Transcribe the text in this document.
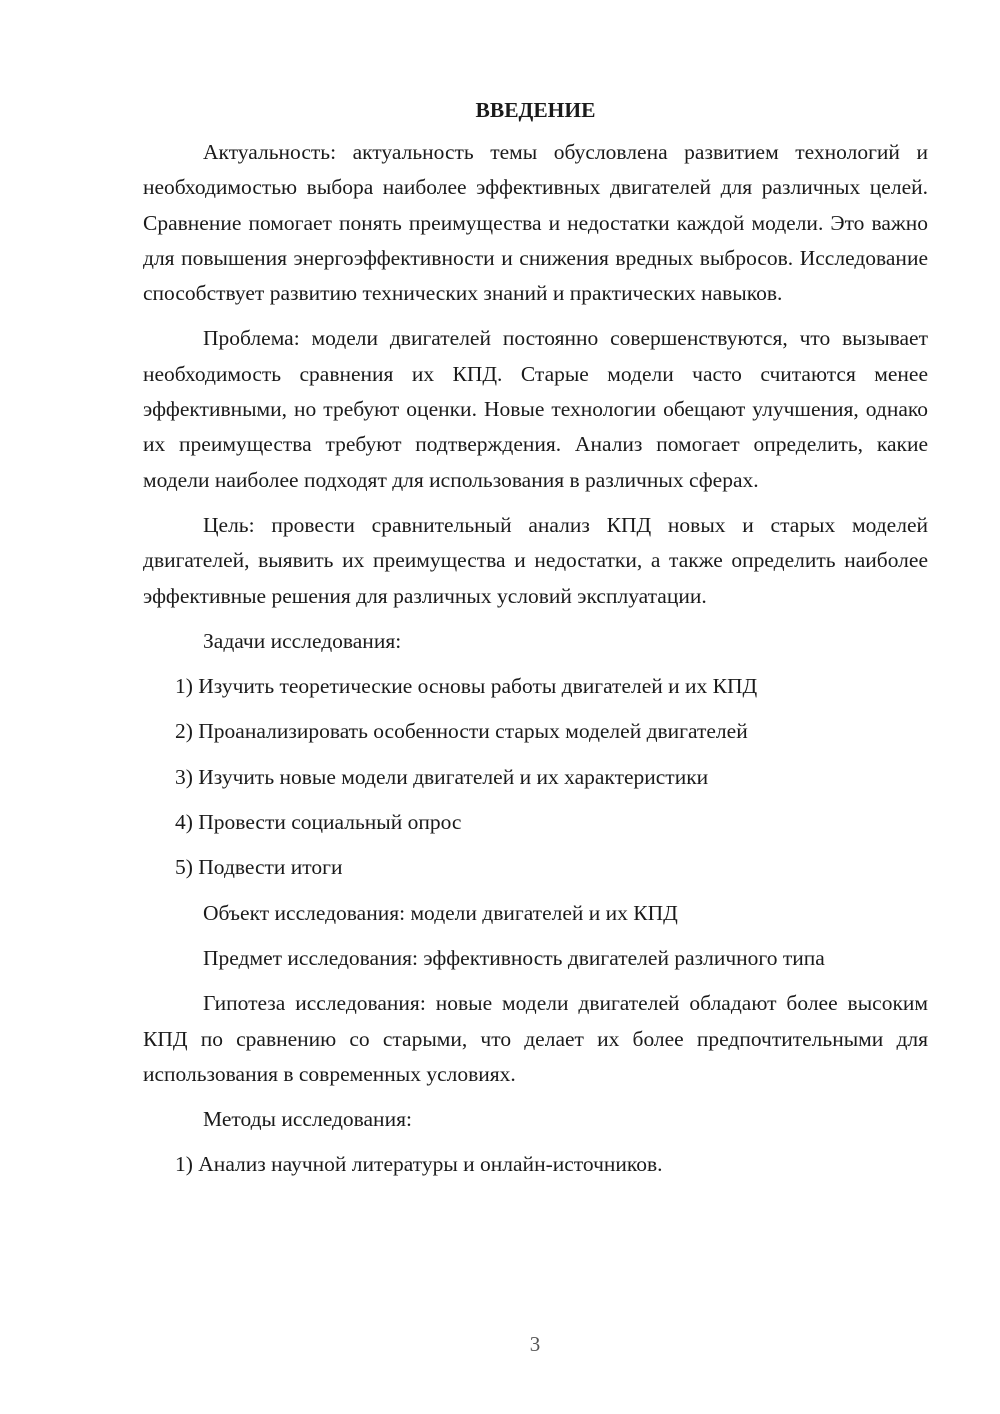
ВВЕДЕНИЕ
Актуальность: актуальность темы обусловлена развитием технологий и необходимостью выбора наиболее эффективных двигателей для различных целей. Сравнение помогает понять преимущества и недостатки каждой модели. Это важно для повышения энергоэффективности и снижения вредных выбросов. Исследование способствует развитию технических знаний и практических навыков.
Проблема: модели двигателей постоянно совершенствуются, что вызывает необходимость сравнения их КПД. Старые модели часто считаются менее эффективными, но требуют оценки. Новые технологии обещают улучшения, однако их преимущества требуют подтверждения. Анализ помогает определить, какие модели наиболее подходят для использования в различных сферах.
Цель: провести сравнительный анализ КПД новых и старых моделей двигателей, выявить их преимущества и недостатки, а также определить наиболее эффективные решения для различных условий эксплуатации.
Задачи исследования:
1) Изучить теоретические основы работы двигателей и их КПД
2) Проанализировать особенности старых моделей двигателей
3) Изучить новые модели двигателей и их характеристики
4) Провести социальный опрос
5) Подвести итоги
Объект исследования: модели двигателей и их КПД
Предмет исследования: эффективность двигателей различного типа
Гипотеза исследования: новые модели двигателей обладают более высоким КПД по сравнению со старыми, что делает их более предпочтительными для использования в современных условиях.
Методы исследования:
1) Анализ научной литературы и онлайн-источников.
3
